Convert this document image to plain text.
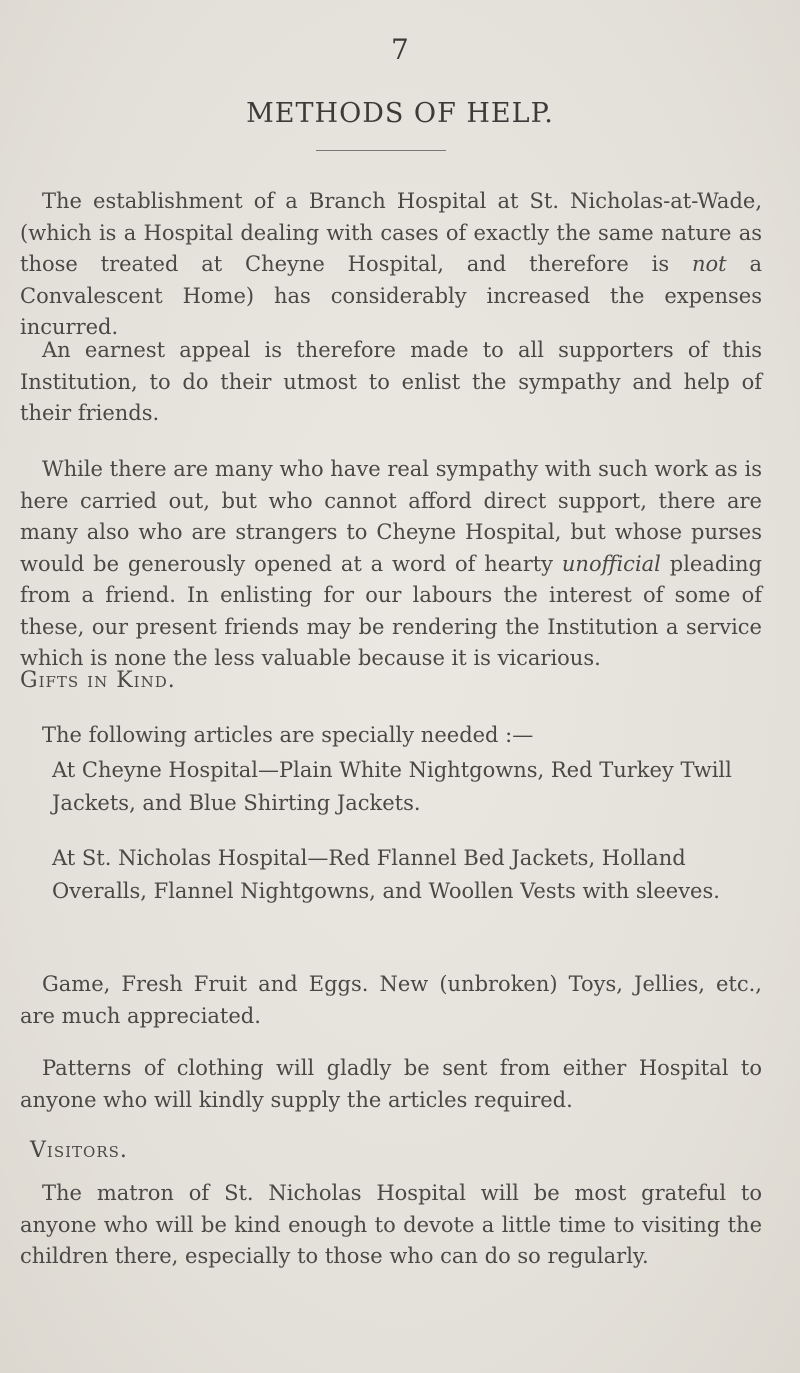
7
METHODS OF HELP.

The establishment of a Branch Hospital at St. Nicholas-at-Wade, (which is a Hospital dealing with cases of exactly the same nature as those treated at Cheyne Hospital, and therefore is not a Convalescent Home) has considerably increased the expenses incurred.

An earnest appeal is therefore made to all supporters of this Institution, to do their utmost to enlist the sympathy and help of their friends.

While there are many who have real sympathy with such work as is here carried out, but who cannot afford direct support, there are many also who are strangers to Cheyne Hospital, but whose purses would be generously opened at a word of hearty unofficial pleading from a friend. In enlisting for our labours the interest of some of these, our present friends may be rendering the Institution a service which is none the less valuable because it is vicarious.

Gifts in Kind.

The following articles are specially needed :—

At Cheyne Hospital—Plain White Nightgowns, Red Turkey Twill Jackets, and Blue Shirting Jackets.

At St. Nicholas Hospital—Red Flannel Bed Jackets, Holland Overalls, Flannel Nightgowns, and Woollen Vests with sleeves.

Game, Fresh Fruit and Eggs. New (unbroken) Toys, Jellies, etc., are much appreciated.

Patterns of clothing will gladly be sent from either Hospital to anyone who will kindly supply the articles required.

Visitors.

The matron of St. Nicholas Hospital will be most grateful to anyone who will be kind enough to devote a little time to visiting the children there, especially to those who can do so regularly.
